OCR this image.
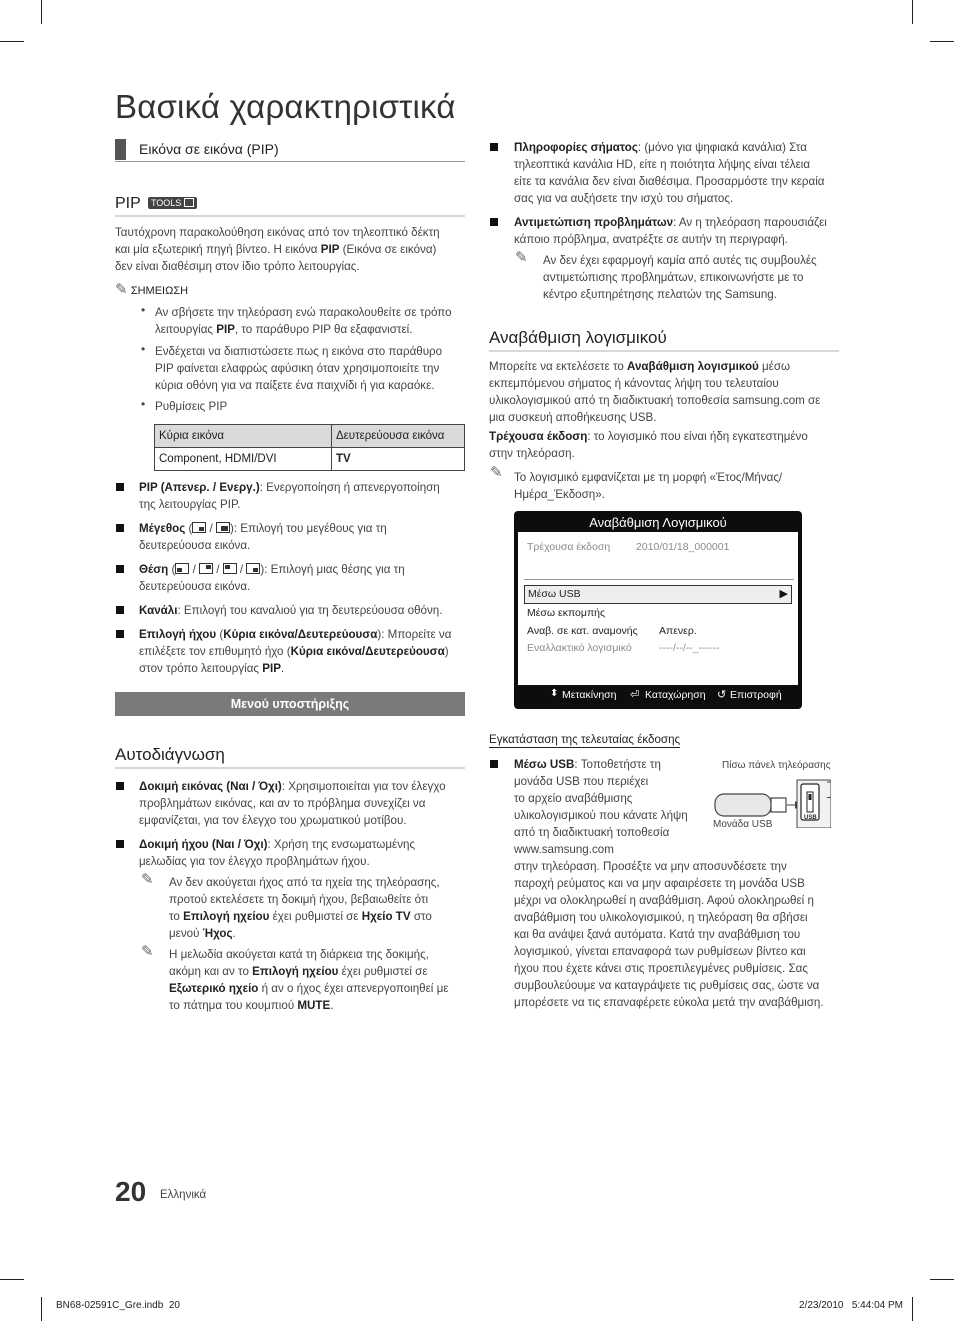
Βασικά χαρακτηριστικά
Εικόνα σε εικόνα (PIP)
PIP TOOLS
Ταυτόχρονη παρακολούθηση εικόνας από τον τηλεοπτικό δέκτη
και μία εξωτερική πηγή βίντεο. Η εικόνα PIP (Εικόνα σε εικόνα)
δεν είναι διαθέσιμη στον ίδιο τρόπο λειτουργίας.
✎ ΣΗΜΕΙΩΣΗ
• Αν σβήσετε την τηλεόραση ενώ παρακολουθείτε σε τρόπο
λειτουργίας PIP, το παράθυρο PIP θα εξαφανιστεί.
• Ενδέχεται να διαπιστώσετε πως η εικόνα στο παράθυρο
PIP φαίνεται ελαφρώς αφύσικη όταν χρησιμοποιείτε την
κύρια οθόνη για να παίξετε ένα παιχνίδι ή για καραόκε.
• Ρυθμίσεις PIP
Κύρια εικόνα	Δευτερεύουσα εικόνα
Component, HDMI/DVI	TV
PIP (Απενερ. / Ενεργ.): Ενεργοποίηση ή απενεργοποίηση
της λειτουργίας PIP.
Μέγεθος (
/
): Επιλογή του μεγέθους για τη
δευτερεύουσα εικόνα.
Θέση (
/
/
/
): Επιλογή μιας θέσης για τη
δευτερεύουσα εικόνα.
Κανάλι: Επιλογή του καναλιού για τη δευτερεύουσα οθόνη.
Επιλογή ήχου (Κύρια εικόνα/Δευτερεύουσα): Μπορείτε να
επιλέξετε τον επιθυμητό ήχο (Κύρια εικόνα/Δευτερεύουσα)
στον τρόπο λειτουργίας PIP.
Μενού υποστήριξης
Αυτοδιάγνωση
Δοκιμή εικόνας (Ναι / Όχι): Χρησιμοποιείται για τον έλεγχο
προβλημάτων εικόνας, και αν το πρόβλημα συνεχίζει να
εμφανίζεται, για τον έλεγχο του χρωματικού μοτίβου.
Δοκιμή ήχου (Ναι / Όχι): Χρήση της ενσωματωμένης
μελωδίας για τον έλεγχο προβλημάτων ήχου.
✎ Αν δεν ακούγεται ήχος από τα ηχεία της τηλεόρασης,
προτού εκτελέσετε τη δοκιμή ήχου, βεβαιωθείτε ότι
το Επιλογή ηχείου έχει ρυθμιστεί σε Ηχείο TV στο
μενού Ήχος.
✎ Η μελωδία ακούγεται κατά τη διάρκεια της δοκιμής,
ακόμη και αν το Επιλογή ηχείου έχει ρυθμιστεί σε
Εξωτερικό ηχείο ή αν ο ήχος έχει απενεργοποιηθεί με
το πάτημα του κουμπιού MUTE.
Πληροφορίες σήματος: (μόνο για ψηφιακά κανάλια) Στα
τηλεοπτικά κανάλια HD, είτε η ποιότητα λήψης είναι τέλεια
είτε τα κανάλια δεν είναι διαθέσιμα. Προσαρμόστε την κεραία
σας για να αυξήσετε την ισχύ του σήματος.
Αντιμετώπιση προβλημάτων: Αν η τηλεόραση παρουσιάζει
κάποιο πρόβλημα, ανατρέξτε σε αυτήν τη περιγραφή.
✎ Αν δεν έχει εφαρμογή καμία από αυτές τις συμβουλές
αντιμετώπισης προβλημάτων, επικοινωνήστε με το
κέντρο εξυπηρέτησης πελατών της Samsung.
Αναβάθμιση λογισμικού
Μπορείτε να εκτελέσετε το Αναβάθμιση λογισμικού μέσω
εκπεμπόμενου σήματος ή κάνοντας λήψη του τελευταίου
υλικολογισμικού από τη διαδικτυακή τοποθεσία samsung.com σε
μια συσκευή αποθήκευσης USB.
Τρέχουσα έκδοση: το λογισμικό που είναι ήδη εγκατεστημένο
στην τηλεόραση.
✎ Το λογισμικό εμφανίζεται με τη μορφή «Έτος/Μήνας/
Ημέρα_Έκδοση».
Αναβάθμιση Λογισμικού
Τρέχουσα έκδοση 2010/01/18_000001
Μέσω USB	▶
Μέσω εκπομπής
Αναβ. σε κατ. αναμονής Απενερ.
Εναλλακτικό λογισμικό	----/--/--_------
⬍ Μετακίνηση ⏎ Καταχώρηση ↺ Επιστροφή
Εγκατάσταση της τελευταίας έκδοσης
Μέσω USB: Τοποθετήστε τη
μονάδα USB που περιέχει
το αρχείο αναβάθμισης
υλικολογισμικού που κάνατε λήψη
από τη διαδικτυακή τοποθεσία
www.samsung.com
στην τηλεόραση. Προσέξτε να μην αποσυνδέσετε την
παροχή ρεύματος και να μην αφαιρέσετε τη μονάδα USB
μέχρι να ολοκληρωθεί η αναβάθμιση. Αφού ολοκληρωθεί η
αναβάθμιση του υλικολογισμικού, η τηλεόραση θα σβήσει
και θα ανάψει ξανά αυτόματα. Κατά την αναβάθμιση του
λογισμικού, γίνεται επαναφορά των ρυθμίσεων βίντεο και
ήχου που έχετε κάνει στις προεπιλεγμένες ρυθμίσεις. Σας
συμβουλεύουμε να καταγράψετε τις ρυθμίσεις σας, ώστε να
μπορέσετε να τις επαναφέρετε εύκολα μετά την αναβάθμιση.
Πίσω πάνελ τηλεόρασης
USB
Μονάδα USB
20 Ελληνικά
BN68-02591C_Gre.indb 20	2/23/2010 5:44:04 PM
